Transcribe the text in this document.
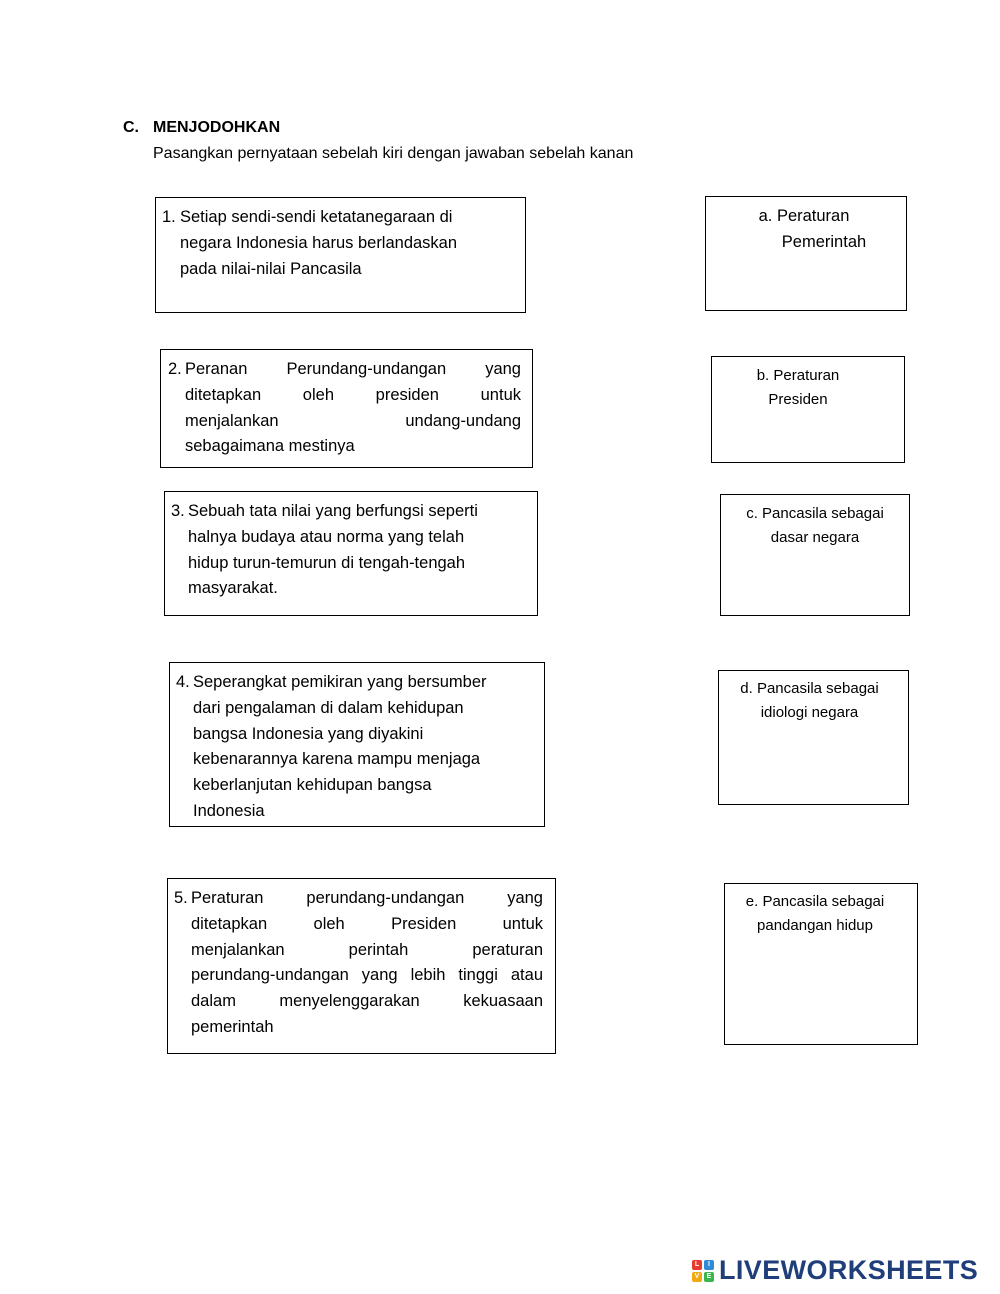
C. MENJODOHKAN
Pasangkan pernyataan sebelah kiri dengan jawaban sebelah kanan
1. Setiap sendi-sendi ketatanegaraan di
negara Indonesia harus berlandaskan
pada nilai-nilai Pancasila
2. Peranan Perundang-undangan yang
ditetapkan oleh presiden untuk
menjalankan undang-undang
sebagaimana mestinya
3. Sebuah tata nilai yang berfungsi seperti
halnya budaya atau norma yang telah
hidup turun-temurun di tengah-tengah
masyarakat.
4. Seperangkat pemikiran yang bersumber
dari pengalaman di dalam kehidupan
bangsa Indonesia yang diyakini
kebenarannya karena mampu menjaga
keberlanjutan kehidupan bangsa
Indonesia
5. Peraturan perundang-undangan yang
ditetapkan oleh Presiden untuk
menjalankan perintah peraturan
perundang-undangan yang lebih tinggi atau
dalam menyelenggarakan kekuasaan
pemerintah
a. Peraturan
Pemerintah
b. Peraturan
Presiden
c. Pancasila sebagai
dasar negara
d. Pancasila sebagai
idiologi negara
e. Pancasila sebagai
pandangan hidup
L	I
V	E LIVEWORKSHEETS
